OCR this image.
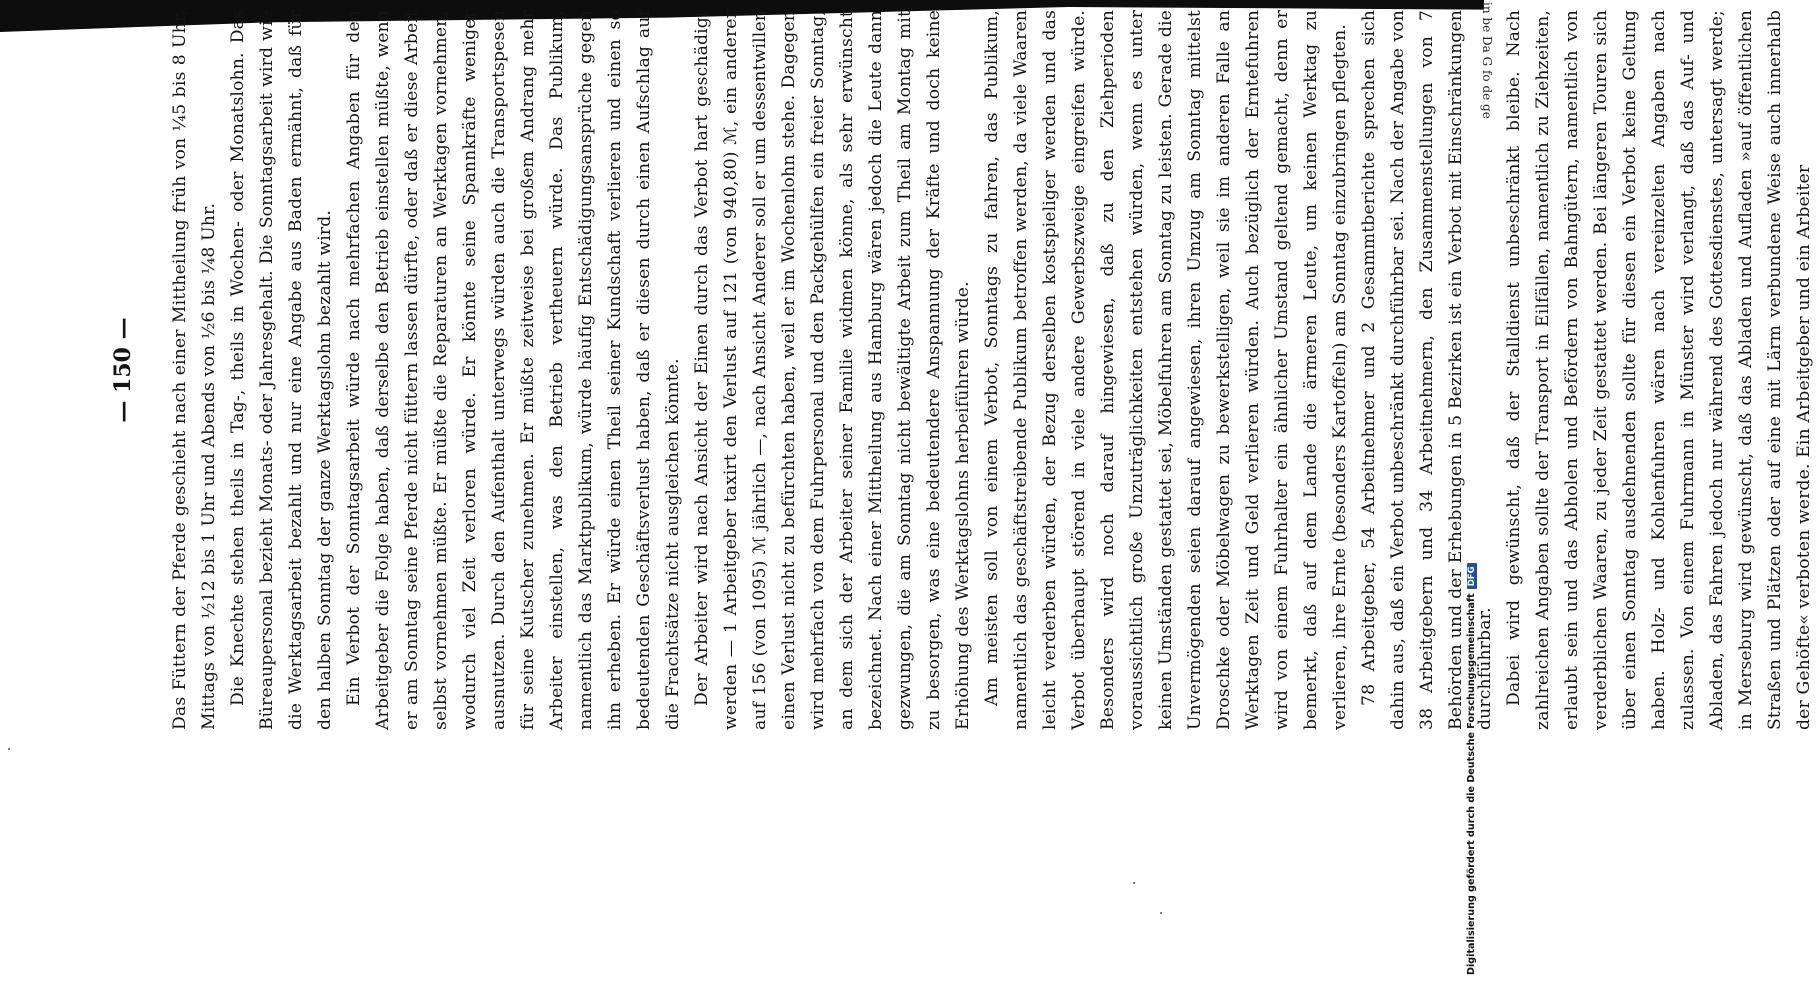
— 150 —	Das Füttern der Pferde geschieht nach einer Mittheilung früh von ¼5 bis 8 Uhr, Mittags von ½12 bis 1 Uhr und Abends von ½6 bis ¼8 Uhr. Die Knechte stehen theils in Tag-, theils in Wochen- oder Monatslohn. Das Büreaupersonal bezieht Monats- oder Jahresgehalt. Die Sonntagsarbeit wird wie die Werktagsarbeit bezahlt und nur eine Angabe aus Baden ermähnt, daß für den halben Sonntag der ganze Werktagslohn bezahlt wird. Ein Verbot der Sonntagsarbeit würde nach mehrfachen Angaben für den Arbeitgeber die Folge haben, daß derselbe den Betrieb einstellen müßte, wenn er am Sonntag seine Pferde nicht füttern lassen dürfte, oder daß er diese Arbeit selbst vornehmen müßte. Er müßte die Reparaturen an Werktagen vornehmen, wodurch viel Zeit verloren würde. Er könnte seine Spannkräfte weniger ausnutzen. Durch den Aufenthalt unterwegs würden auch die Transportspesen für seine Kutscher zunehmen. Er müßte zeitweise bei großem Andrang mehr Arbeiter einstellen, was den Betrieb vertheuern würde. Das Publikum, namentlich das Marktpublikum, würde häufig Entschädigungsansprüche gegen ihn erheben. Er würde einen Theil seiner Kundschaft verlieren und einen so bedeutenden Geschäftsverlust haben, daß er diesen durch einen Aufschlag auf die Frachtsätze nicht ausgleichen könnte. Der Arbeiter wird nach Ansicht der Einen durch das Verbot hart geschädigt werden — 1 Arbeitgeber taxirt den Verlust auf 121 (von 940,80) ℳ, ein anderer auf 156 (von 1095) ℳ jährlich —, nach Ansicht Anderer soll er um dessentwillen einen Verlust nicht zu befürchten haben, weil er im Wochenlohn stehe. Dagegen wird mehrfach von dem Fuhrpersonal und den Packgehülfen ein freier Sonntag, an dem sich der Arbeiter seiner Familie widmen könne, als sehr erwünscht bezeichnet. Nach einer Mittheilung aus Hamburg wären jedoch die Leute dann gezwungen, die am Sonntag nicht bewältigte Arbeit zum Theil am Montag mit zu besorgen, was eine bedeutendere Anspannung der Kräfte und doch keine Erhöhung des Werktagslohns herbeiführen würde. Am meisten soll von einem Verbot, Sonntags zu fahren, das Publikum, namentlich das geschäftstreibende Publikum betroffen werden, da viele Waaren leicht verderben würden, der Bezug derselben kostspieliger werden und das Verbot überhaupt störend in viele andere Gewerbszweige eingreifen würde. Besonders wird noch darauf hingewiesen, daß zu den Ziehperioden voraussichtlich große Unzuträglichkeiten entstehen würden, wenn es unter keinen Umständen gestattet sei, Möbelfuhren am Sonntag zu leisten. Gerade die Unvermögenden seien darauf angewiesen, ihren Umzug am Sonntag mittelst Droschke oder Möbelwagen zu bewerkstelligen, weil sie im anderen Falle an Werktagen Zeit und Geld verlieren würden. Auch bezüglich der Erntefuhren wird von einem Fuhrhalter ein ähnlicher Umstand geltend gemacht, denn er bemerkt, daß auf dem Lande die ärmeren Leute, um keinen Werktag zu verlieren, ihre Ernte (besonders Kartoffeln) am Sonntag einzubringen pflegten. 78 Arbeitgeber, 54 Arbeitnehmer und 2 Gesammtberichte sprechen sich dahin aus, daß ein Verbot unbeschränkt durchführbar sei. Nach der Angabe von 38 Arbeitgebern und 34 Arbeitnehmern, den Zusammenstellungen von 7 Behörden und der Erhebungen in 5 Bezirken ist ein Verbot mit Einschränkungen durchführbar. Dabei wird gewünscht, daß der Stalldienst unbeschränkt bleibe. Nach zahlreichen Angaben sollte der Transport in Eilfällen, namentlich zu Ziehzeiten, erlaubt sein und das Abholen und Befördern von Bahngütern, namentlich von verderblichen Waaren, zu jeder Zeit gestattet werden. Bei längeren Touren sich über einen Sonntag ausdehnenden sollte für diesen ein Verbot keine Geltung haben. Holz- und Kohlenfuhren wären nach vereinzelten Angaben nach zulassen. Von einem Fuhrmann in Münster wird verlangt, daß das Auf- und Abladen, das Fahren jedoch nur während des Gottesdienstes, untersagt werde; in Merseburg wird gewünscht, daß das Abladen und Aufladen »auf öffentlichen Straßen und Plätzen oder auf eine mit Lärm verbundene Weise auch innerhalb der Gehöfte« verboten werde. Ein Arbeitgeber und ein Arbeiter

Digitalisierung gefördert durch die Deutsche ForschungsgemeinschaftDFG
in be Da G fo de ge
